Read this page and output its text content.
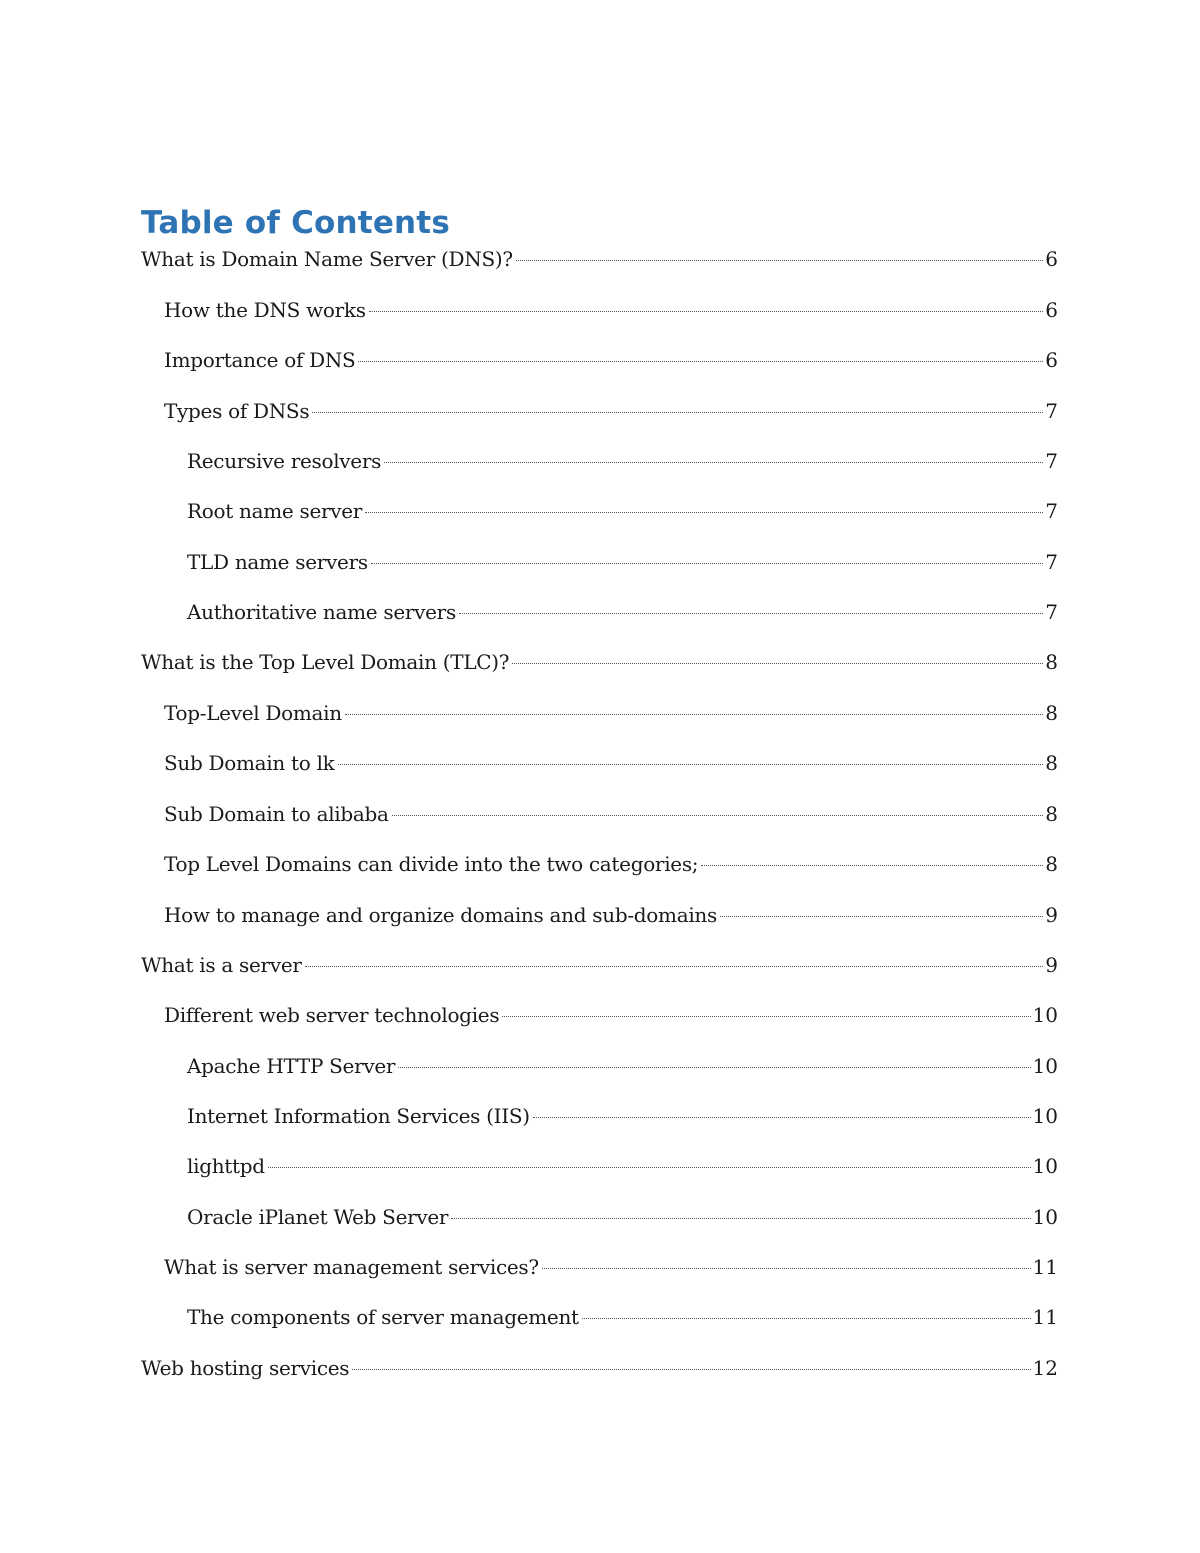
Table of Contents
What is Domain Name Server (DNS)?	6
How the DNS works	6
Importance of DNS	6
Types of DNSs	7
Recursive resolvers	7
Root name server	7
TLD name servers	7
Authoritative name servers	7
What is the Top Level Domain (TLC)?	8
Top-Level Domain	8
Sub Domain to lk	8
Sub Domain to alibaba	8
Top Level Domains can divide into the two categories;	8
How to manage and organize domains and sub-domains	9
What is a server	9
Different web server technologies	10
Apache HTTP Server	10
Internet Information Services (IIS)	10
lighttpd	10
Oracle iPlanet Web Server	10
What is server management services?	11
The components of server management	11
Web hosting services	12
